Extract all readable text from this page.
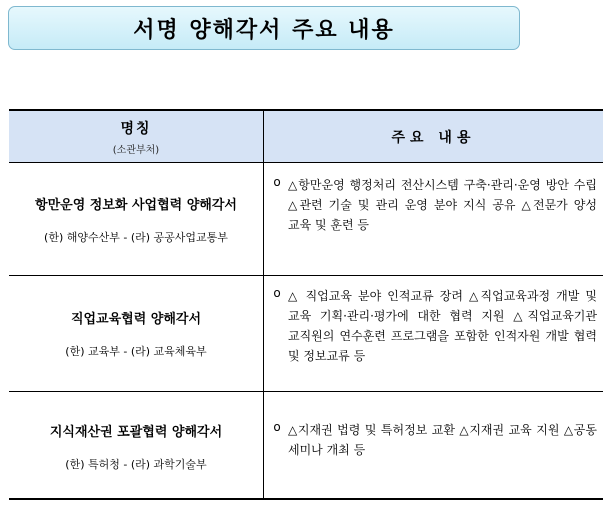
서명 양해각서 주요 내용
명칭
(소관부처)
주요 내용
항만운영 정보화 사업협력 양해각서
(한) 해양수산부 - (라) 공공사업교통부
o △항만운영 행정처리 전산시스템 구축·관리·운영 방안 수립 △관련 기술 및 관리 운영 분야 지식 공유 △전문가 양성 교육 및 훈련 등
직업교육협력 양해각서
(한) 교육부 - (라) 교육체육부
o △ 직업교육 분야 인적교류 장려 △직업교육과정 개발 및 교육 기획·관리·평가에 대한 협력 지원 △직업교육기관 교직원의 연수훈련 프로그램을 포함한 인적자원 개발 협력 및 정보교류 등
지식재산권 포괄협력 양해각서
(한) 특허청 - (라) 과학기술부
o △지재권 법령 및 특허정보 교환 △지재권 교육 지원 △공동 세미나 개최 등
